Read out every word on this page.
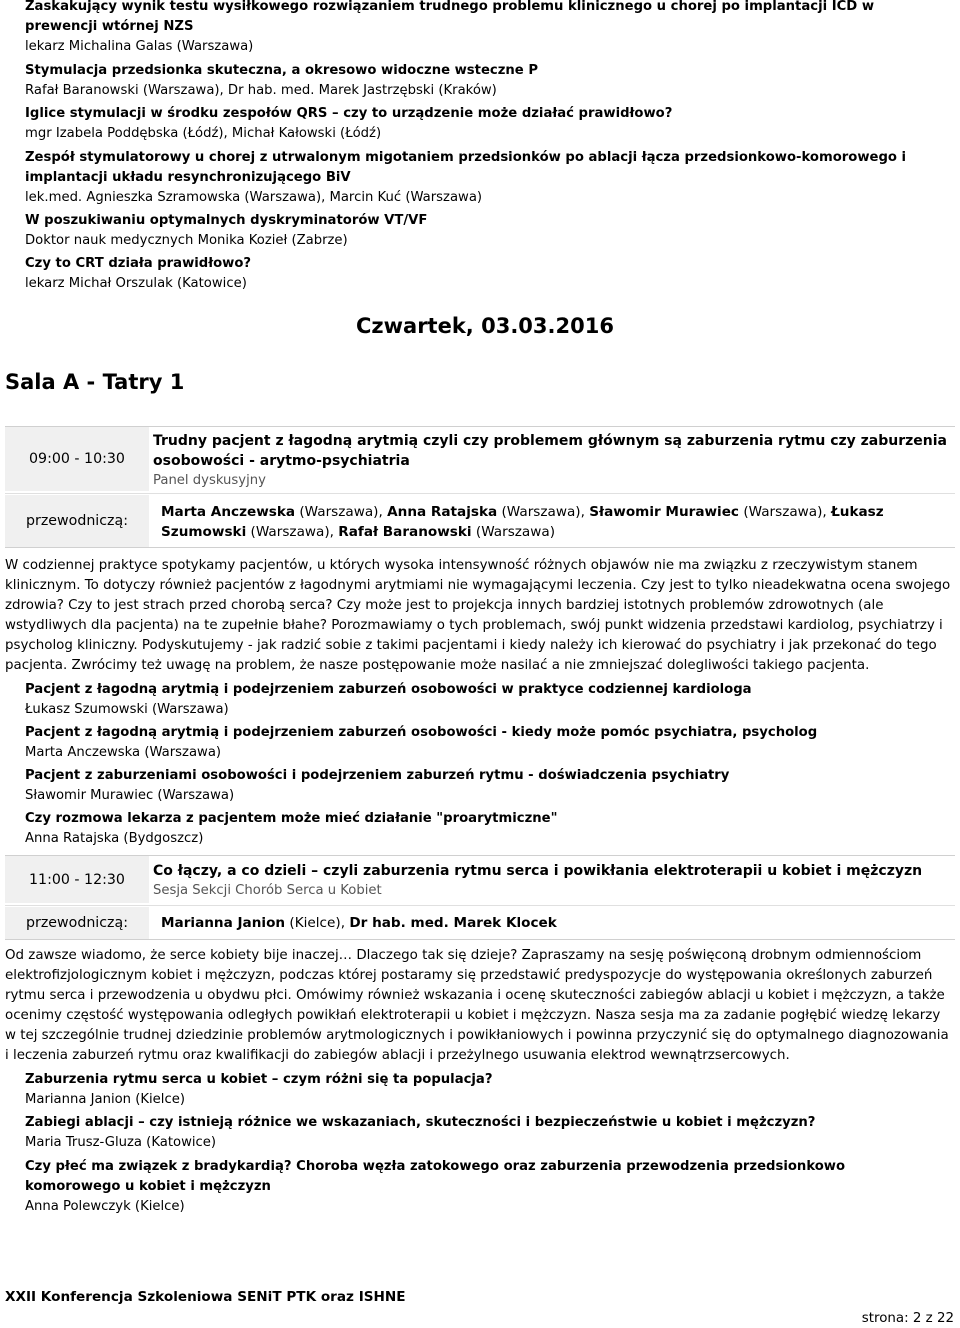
Zaskakujący wynik testu wysiłkowego rozwiązaniem trudnego problemu klinicznego u chorej po implantacji ICD w prewencji wtórnej NZS
lekarz Michalina Galas (Warszawa)
Stymulacja przedsionka skuteczna, a okresowo widoczne wsteczne P
Rafał Baranowski (Warszawa), Dr hab. med. Marek Jastrzębski (Kraków)
Iglice stymulacji w środku zespołów QRS – czy to urządzenie może działać prawidłowo?
mgr Izabela Poddębska (Łódź), Michał Kałowski (Łódź)
Zespół stymulatorowy u chorej z utrwalonym migotaniem przedsionków po ablacji łącza przedsionkowo-komorowego i implantacji układu resynchronizującego BiV
lek.med. Agnieszka Szramowska (Warszawa), Marcin Kuć (Warszawa)
W poszukiwaniu optymalnych dyskryminatorów VT/VF
Doktor nauk medycznych Monika Kozieł (Zabrze)
Czy to CRT działa prawidłowo?
lekarz Michał Orszulak (Katowice)
Czwartek, 03.03.2016
Sala A - Tatry 1
09:00 - 10:30
Trudny pacjent z łagodną arytmią czyli czy problemem głównym są zaburzenia rytmu czy zaburzenia osobowości - arytmo-psychiatria
Panel dyskusyjny
przewodniczą:
Marta Anczewska (Warszawa), Anna Ratajska (Warszawa), Sławomir Murawiec (Warszawa), Łukasz Szumowski (Warszawa), Rafał Baranowski (Warszawa)
W codziennej praktyce spotykamy pacjentów, u których wysoka intensywność różnych objawów nie ma związku z rzeczywistym stanem klinicznym. To dotyczy również pacjentów z łagodnymi arytmiami nie wymagającymi leczenia. Czy jest to tylko nieadekwatna ocena swojego zdrowia? Czy to jest strach przed chorobą serca? Czy może jest to projekcja innych bardziej istotnych problemów zdrowotnych (ale wstydliwych dla pacjenta) na te zupełnie błahe? Porozmawiamy o tych problemach, swój punkt widzenia przedstawi kardiolog, psychiatrzy i psycholog kliniczny. Podyskutujemy - jak radzić sobie z takimi pacjentami i kiedy należy ich kierować do psychiatry i jak przekonać do tego pacjenta. Zwrócimy też uwagę na problem, że nasze postępowanie może nasilać a nie zmniejszać dolegliwości takiego pacjenta.
Pacjent z łagodną arytmią i podejrzeniem zaburzeń osobowości w praktyce codziennej kardiologa
Łukasz Szumowski (Warszawa)
Pacjent z łagodną arytmią i podejrzeniem zaburzeń osobowości - kiedy może pomóc psychiatra, psycholog
Marta Anczewska (Warszawa)
Pacjent z zaburzeniami osobowości i podejrzeniem zaburzeń rytmu - doświadczenia psychiatry
Sławomir Murawiec (Warszawa)
Czy rozmowa lekarza z pacjentem może mieć działanie "proarytmiczne"
Anna Ratajska (Bydgoszcz)
11:00 - 12:30
Co łączy, a co dzieli – czyli zaburzenia rytmu serca i powikłania elektroterapii u kobiet i mężczyzn
Sesja Sekcji Chorób Serca u Kobiet
przewodniczą:	Marianna Janion (Kielce), Dr hab. med. Marek Klocek
Od zawsze wiadomo, że serce kobiety bije inaczej… Dlaczego tak się dzieje? Zapraszamy na sesję poświęconą drobnym odmiennościom elektrofizjologicznym kobiet i mężczyzn, podczas której postaramy się przedstawić predyspozycje do występowania określonych zaburzeń rytmu serca i przewodzenia u obydwu płci. Omówimy również wskazania i ocenę skuteczności zabiegów ablacji u kobiet i mężczyzn, a także ocenimy częstość występowania odległych powikłań elektroterapii u kobiet i mężczyzn. Nasza sesja ma za zadanie pogłębić wiedzę lekarzy w tej szczególnie trudnej dziedzinie problemów arytmologicznych i powikłaniowych i powinna przyczynić się do optymalnego diagnozowania i leczenia zaburzeń rytmu oraz kwalifikacji do zabiegów ablacji i przeżylnego usuwania elektrod wewnątrzsercowych.
Zaburzenia rytmu serca u kobiet – czym różni się ta populacja?
Marianna Janion (Kielce)
Zabiegi ablacji – czy istnieją różnice we wskazaniach, skuteczności i bezpieczeństwie u kobiet i mężczyzn?
Maria Trusz-Gluza (Katowice)
Czy płeć ma związek z bradykardią? Choroba węzła zatokowego oraz zaburzenia przewodzenia przedsionkowo komorowego u kobiet i mężczyzn
Anna Polewczyk (Kielce)
XXII Konferencja Szkoleniowa SENiT PTK oraz ISHNE
strona: 2 z 22
